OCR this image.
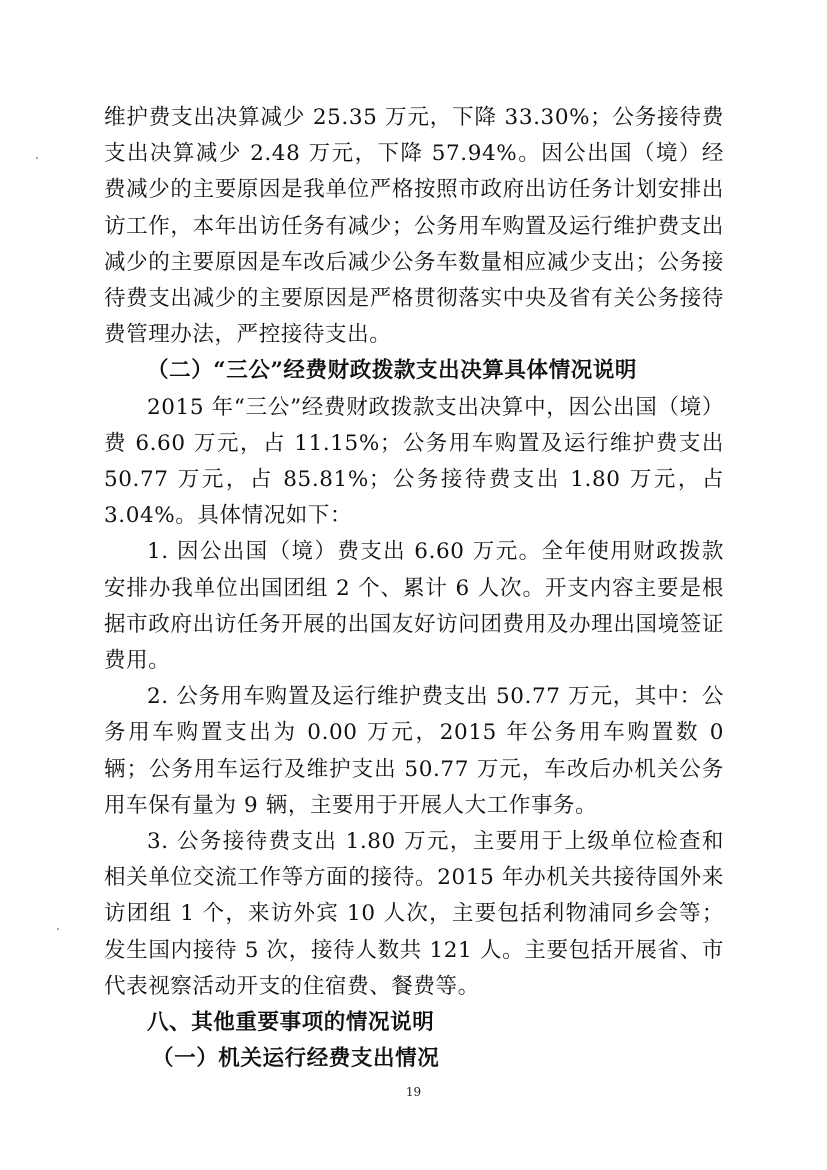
维护费支出决算减少 25.35 万元，下降 33.30%；公务接待费支出决算减少 2.48 万元，下降 57.94%。因公出国（境）经费减少的主要原因是我单位严格按照市政府出访任务计划安排出访工作，本年出访任务有减少；公务用车购置及运行维护费支出减少的主要原因是车改后减少公务车数量相应减少支出；公务接待费支出减少的主要原因是严格贯彻落实中央及省有关公务接待费管理办法，严控接待支出。

（二）“三公”经费财政拨款支出决算具体情况说明

2015 年“三公”经费财政拨款支出决算中，因公出国（境）费 6.60 万元，占 11.15%；公务用车购置及运行维护费支出 50.77 万元，占 85.81%；公务接待费支出 1.80 万元，占 3.04%。具体情况如下：

1. 因公出国（境）费支出 6.60 万元。全年使用财政拨款安排办我单位出国团组 2 个、累计 6 人次。开支内容主要是根据市政府出访任务开展的出国友好访问团费用及办理出国境签证费用。

2. 公务用车购置及运行维护费支出 50.77 万元，其中：公务用车购置支出为 0.00 万元，2015 年公务用车购置数 0 辆；公务用车运行及维护支出 50.77 万元，车改后办机关公务用车保有量为 9 辆，主要用于开展人大工作事务。

3. 公务接待费支出 1.80 万元，主要用于上级单位检查和相关单位交流工作等方面的接待。2015 年办机关共接待国外来访团组 1 个，来访外宾 10 人次，主要包括利物浦同乡会等；发生国内接待 5 次，接待人数共 121 人。主要包括开展省、市代表视察活动开支的住宿费、餐费等。

八、其他重要事项的情况说明

（一）机关运行经费支出情况

19
